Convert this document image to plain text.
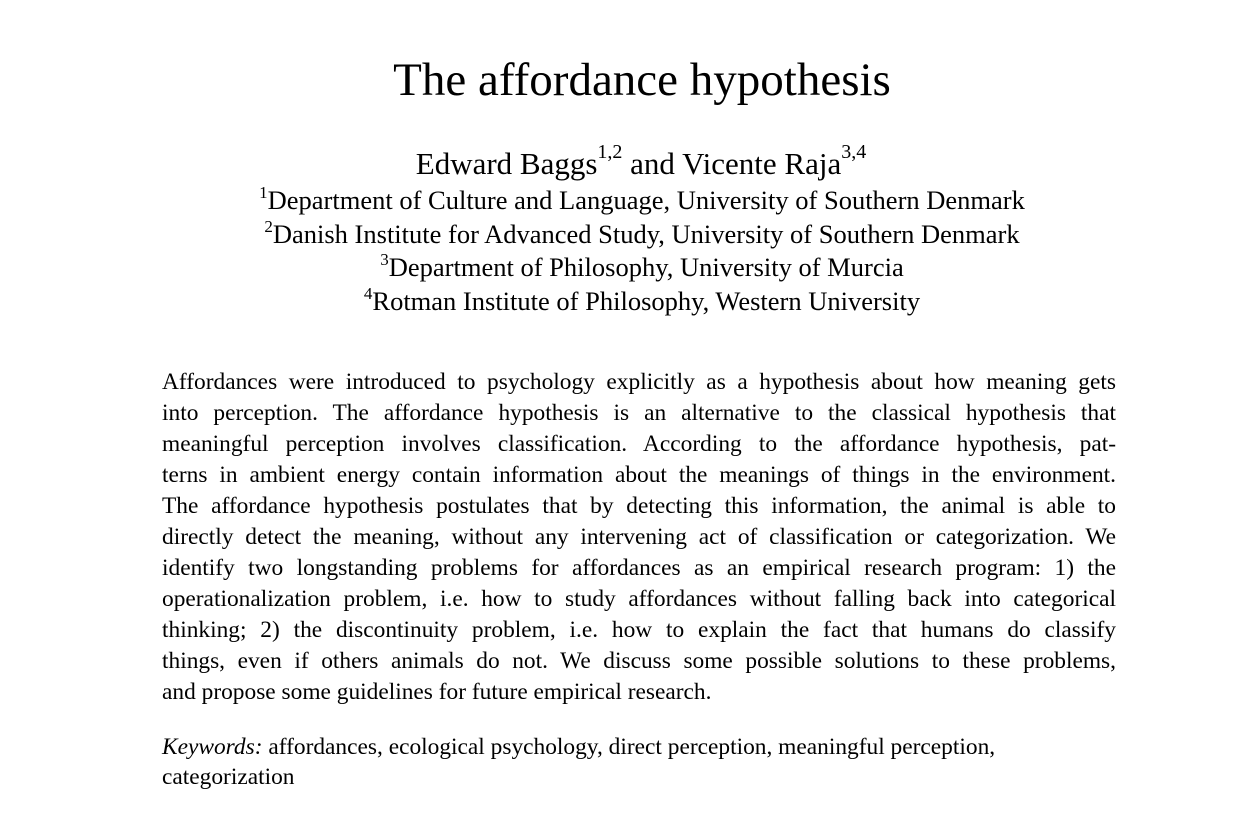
The affordance hypothesis
Edward Baggs$^{1,2}$ and Vicente Raja$^{3,4}$
$^1$Department of Culture and Language, University of Southern Denmark
$^2$Danish Institute for Advanced Study, University of Southern Denmark
$^3$Department of Philosophy, University of Murcia
$^4$Rotman Institute of Philosophy, Western University
Affordances were introduced to psychology explicitly as a hypothesis about how meaning gets
into perception. The affordance hypothesis is an alternative to the classical hypothesis that
meaningful perception involves classification. According to the affordance hypothesis, pat-
terns in ambient energy contain information about the meanings of things in the environment.
The affordance hypothesis postulates that by detecting this information, the animal is able to
directly detect the meaning, without any intervening act of classification or categorization. We
identify two longstanding problems for affordances as an empirical research program: 1) the
operationalization problem, i.e. how to study affordances without falling back into categorical
thinking; 2) the discontinuity problem, i.e. how to explain the fact that humans do classify
things, even if others animals do not. We discuss some possible solutions to these problems,
and propose some guidelines for future empirical research.
Keywords: affordances, ecological psychology, direct perception, meaningful perception,
categorization
